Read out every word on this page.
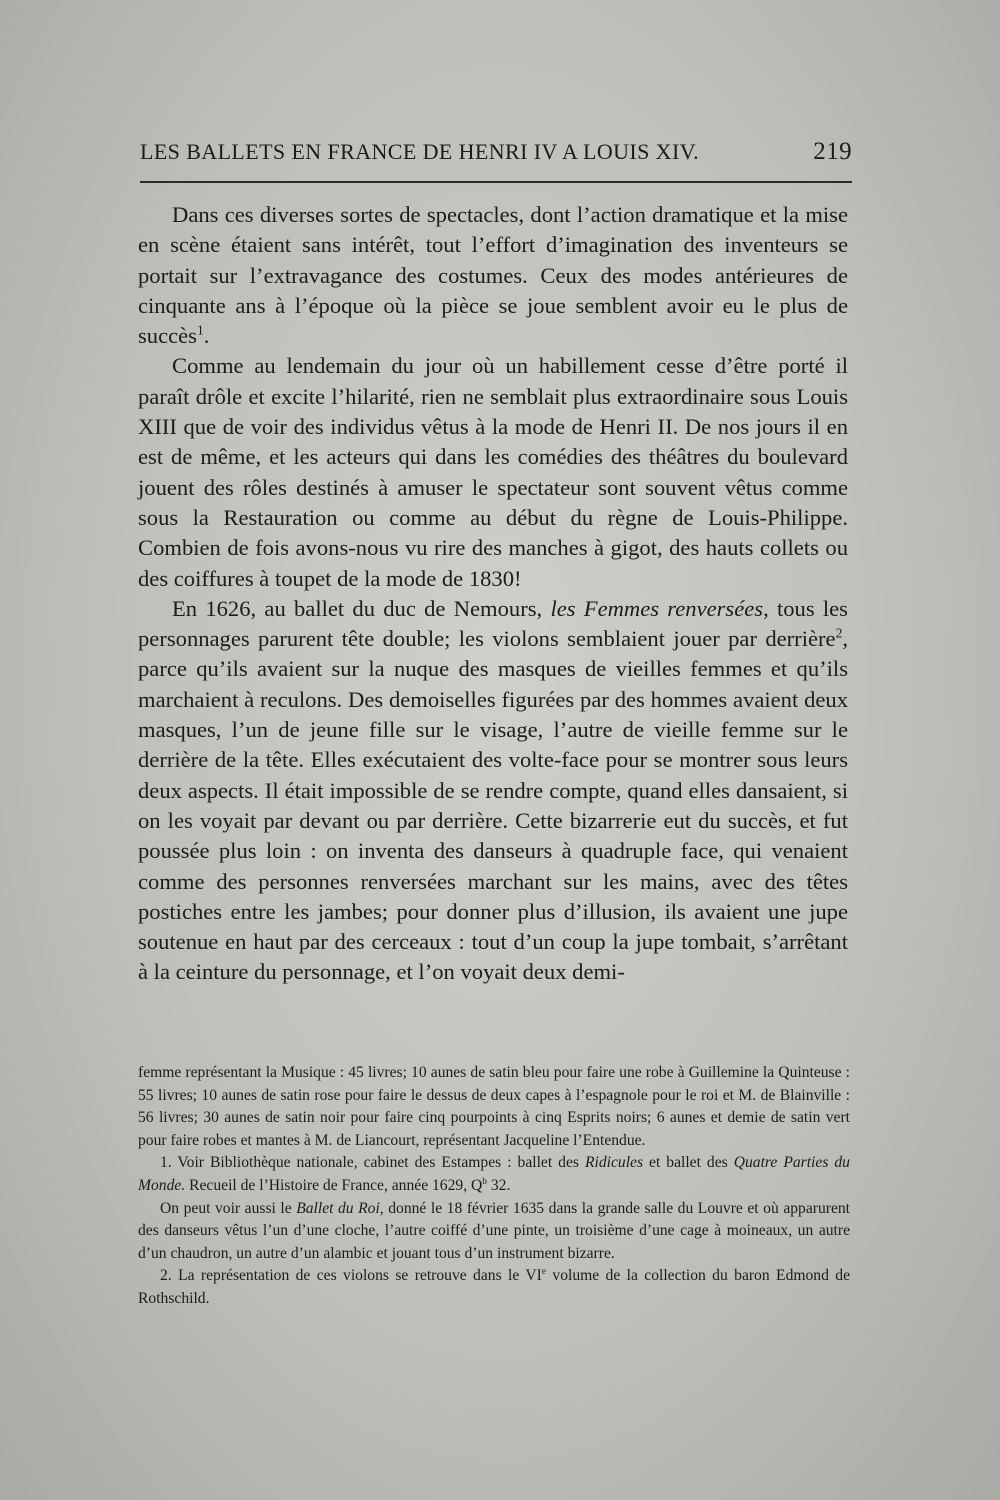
LES BALLETS EN FRANCE DE HENRI IV A LOUIS XIV.	219

Dans ces diverses sortes de spectacles, dont l’action dramatique et la mise en scène étaient sans intérêt, tout l’effort d’imagination des inventeurs se portait sur l’extravagance des costumes. Ceux des modes antérieures de cinquante ans à l’époque où la pièce se joue semblent avoir eu le plus de succès$^1$.

Comme au lendemain du jour où un habillement cesse d’être porté il paraît drôle et excite l’hilarité, rien ne semblait plus extraordinaire sous Louis XIII que de voir des individus vêtus à la mode de Henri II. De nos jours il en est de même, et les acteurs qui dans les comédies des théâtres du boulevard jouent des rôles destinés à amuser le spectateur sont souvent vêtus comme sous la Restauration ou comme au début du règne de Louis-Philippe. Combien de fois avons-nous vu rire des manches à gigot, des hauts collets ou des coiffures à toupet de la mode de 1830!

En 1626, au ballet du duc de Nemours, les Femmes renversées, tous les personnages parurent tête double; les violons semblaient jouer par derrière$^2$, parce qu’ils avaient sur la nuque des masques de vieilles femmes et qu’ils marchaient à reculons. Des demoiselles figurées par des hommes avaient deux masques, l’un de jeune fille sur le visage, l’autre de vieille femme sur le derrière de la tête. Elles exécutaient des volte-face pour se montrer sous leurs deux aspects. Il était impossible de se rendre compte, quand elles dansaient, si on les voyait par devant ou par derrière. Cette bizarrerie eut du succès, et fut poussée plus loin : on inventa des danseurs à quadruple face, qui venaient comme des personnes renversées marchant sur les mains, avec des têtes postiches entre les jambes; pour donner plus d’illusion, ils avaient une jupe soutenue en haut par des cerceaux : tout d’un coup la jupe tombait, s’arrêtant à la ceinture du personnage, et l’on voyait deux demi-

femme représentant la Musique : 45 livres; 10 aunes de satin bleu pour faire une robe à Guillemine la Quinteuse : 55 livres; 10 aunes de satin rose pour faire le dessus de deux capes à l’espagnole pour le roi et M. de Blainville : 56 livres; 30 aunes de satin noir pour faire cinq pourpoints à cinq Esprits noirs; 6 aunes et demie de satin vert pour faire robes et mantes à M. de Liancourt, représentant Jacqueline l’Entendue.

1. Voir Bibliothèque nationale, cabinet des Estampes : ballet des Ridicules et ballet des Quatre Parties du Monde. Recueil de l’Histoire de France, année 1629, $Q^b$ 32.

On peut voir aussi le Ballet du Roi, donné le 18 février 1635 dans la grande salle du Louvre et où apparurent des danseurs vêtus l’un d’une cloche, l’autre coiffé d’une pinte, un troisième d’une cage à moineaux, un autre d’un chaudron, un autre d’un alambic et jouant tous d’un instrument bizarre.

2. La représentation de ces violons se retrouve dans le VIe volume de la collection du baron Edmond de Rothschild.
